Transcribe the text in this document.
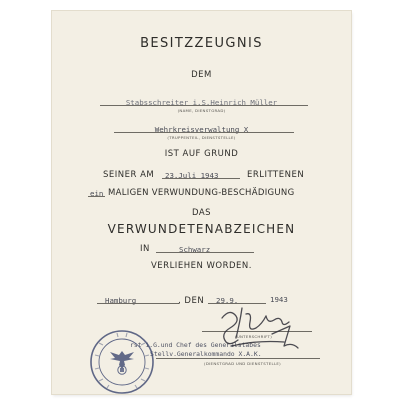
BESITZZEUGNIS
DEM
Stabsschreiter i.S.Heinrich Müller
(NAME, DIENSTGRAD)
Wehrkreisverwaltung X
(TRUPPENTEIL, DIENSTSTELLE)
IST AUF GRUND
SEINER AM 23.Juli 1943	ERLITTENEN
ein MALIGEN VERWUNDUNG-BESCHÄDIGUNG
DAS
VERWUNDETENABZEICHEN
IN	Schwarz
VERLIEHEN WORDEN.
Hamburg	, DEN 29.9.	1943
(UNTERSCHRIFT)
rst i.G.und Chef des Generalstabes
Stellv.Generalkommando X.A.K.
(DIENSTGRAD UND DIENSTSTELLE)
